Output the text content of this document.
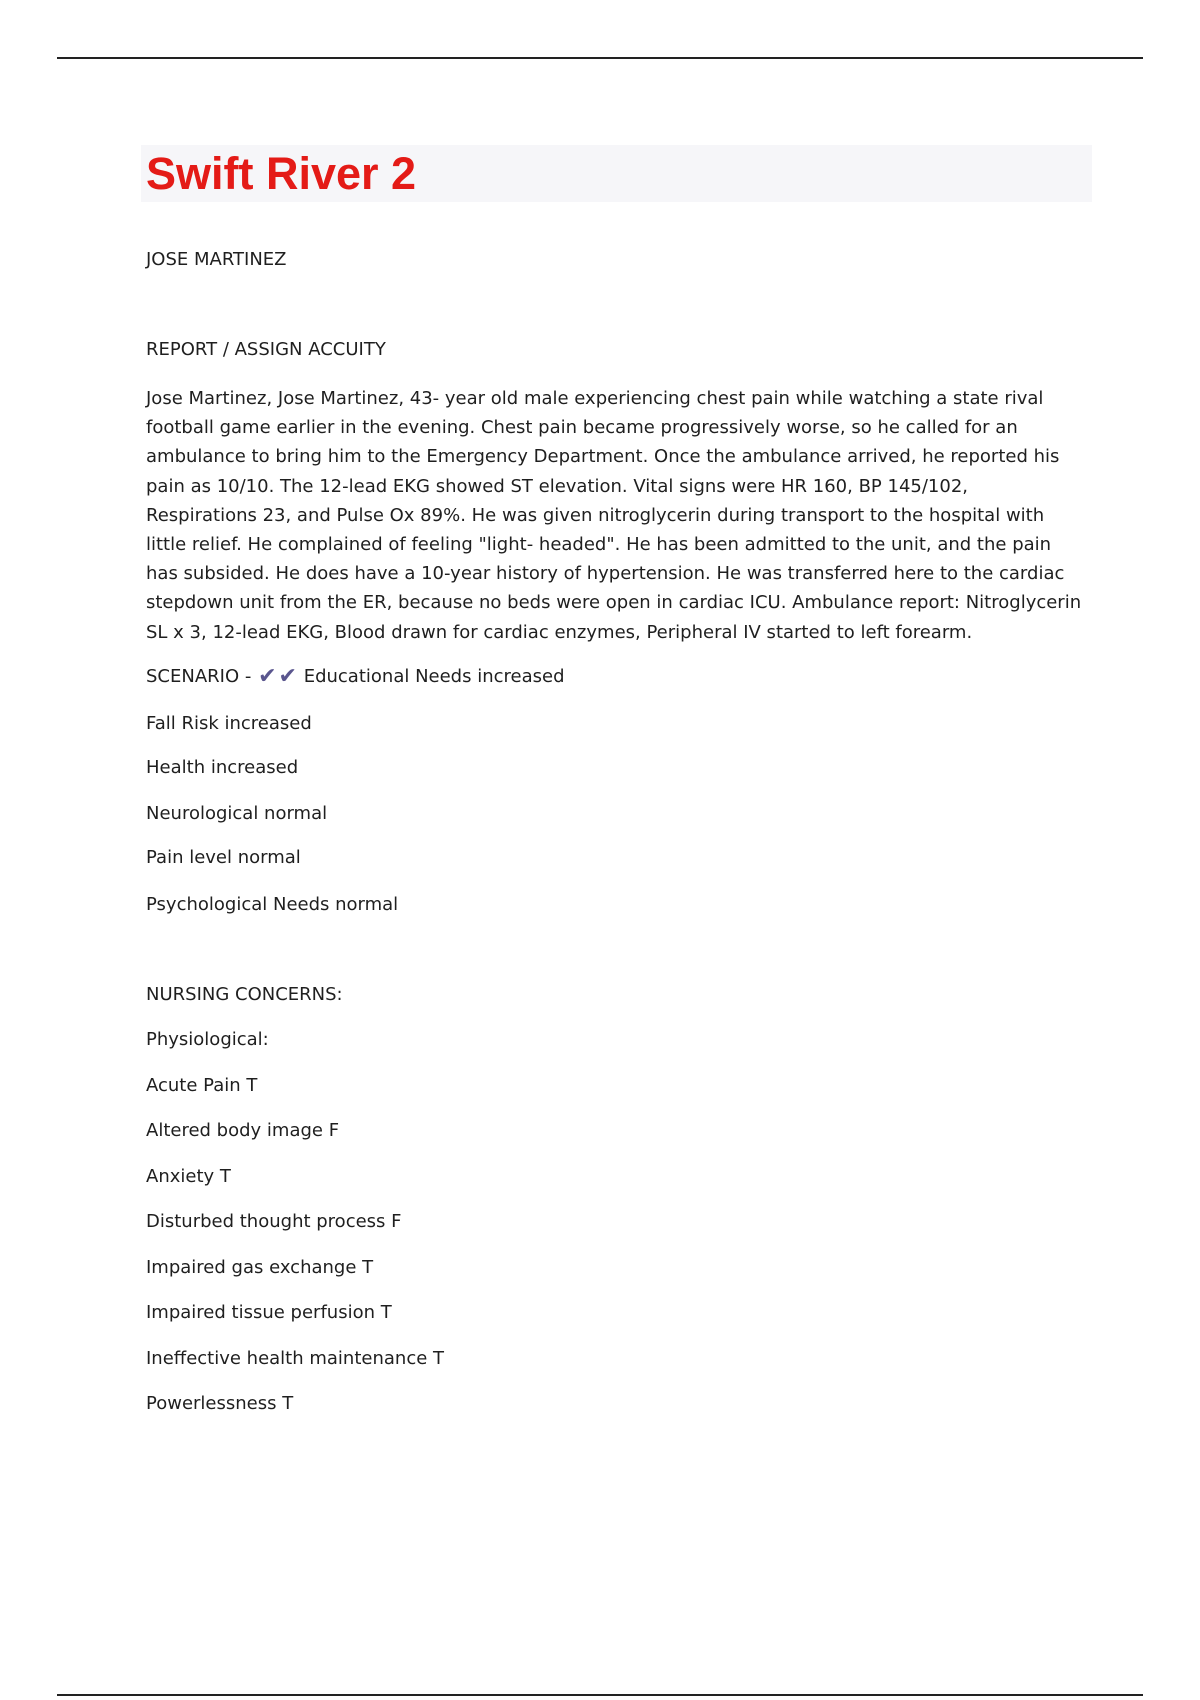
Swift River 2
JOSE MARTINEZ
REPORT / ASSIGN ACCUITY

Jose Martinez, Jose Martinez, 43- year old male experiencing chest pain while watching a state rival football game earlier in the evening. Chest pain became progressively worse, so he called for an ambulance to bring him to the Emergency Department. Once the ambulance arrived, he reported his pain as 10/10. The 12-lead EKG showed ST elevation. Vital signs were HR 160, BP 145/102, Respirations 23, and Pulse Ox 89%. He was given nitroglycerin during transport to the hospital with little relief. He complained of feeling "light- headed". He has been admitted to the unit, and the pain has subsided. He does have a 10-year history of hypertension. He was transferred here to the cardiac stepdown unit from the ER, because no beds were open in cardiac ICU. Ambulance report: Nitroglycerin SL x 3, 12-lead EKG, Blood drawn for cardiac enzymes, Peripheral IV started to left forearm.

SCENARIO - ✔✔ Educational Needs increased
Fall Risk increased
Health increased
Neurological normal
Pain level normal
Psychological Needs normal
NURSING CONCERNS:
Physiological:
Acute Pain T
Altered body image F
Anxiety T
Disturbed thought process F
Impaired gas exchange T
Impaired tissue perfusion T
Ineffective health maintenance T
Powerlessness T
